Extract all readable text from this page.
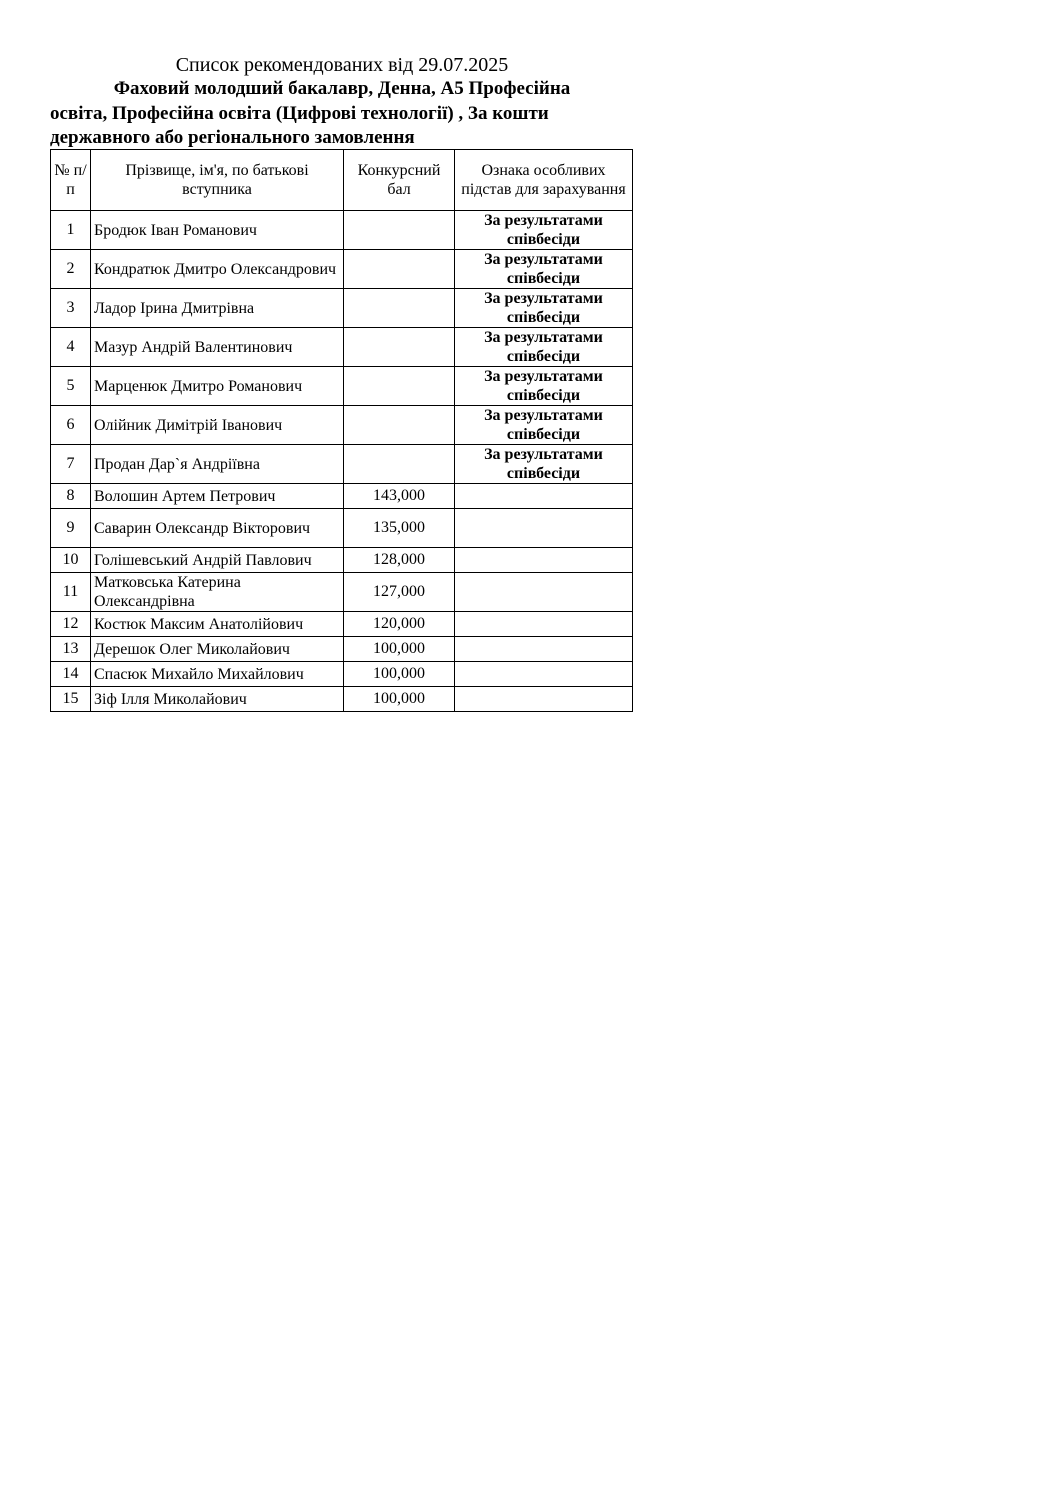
Список рекомендованих від 29.07.2025
Фаховий молодший бакалавр, Денна, A5 Професійна
освіта, Професійна освіта (Цифрові технології) , За кошти
державного або регіонального замовлення
№ п/п	Прізвище, ім'я, по батькові вступника	Конкурсний бал	Ознака особливих підстав для зарахування
1	Бродюк Іван Романович		За результатами співбесіди
2	Кондратюк Дмитро Олександрович		За результатами співбесіди
3	Ладор Ірина Дмитрівна		За результатами співбесіди
4	Мазур Андрій Валентинович		За результатами співбесіди
5	Марценюк Дмитро Романович		За результатами співбесіди
6	Олійник Димітрій Іванович		За результатами співбесіди
7	Продан Дар`я Андріївна		За результатами співбесіди
8	Волошин Артем Петрович	143,000	
9	Саварин Олександр Вікторович	135,000	
10	Голішевський Андрій Павлович	128,000	
11	Матковська Катерина Олександрівна	127,000	
12	Костюк Максим Анатолійович	120,000	
13	Дерешок Олег Миколайович	100,000	
14	Спасюк Михайло Михайлович	100,000	
15	Зіф Ілля Миколайович	100,000	
